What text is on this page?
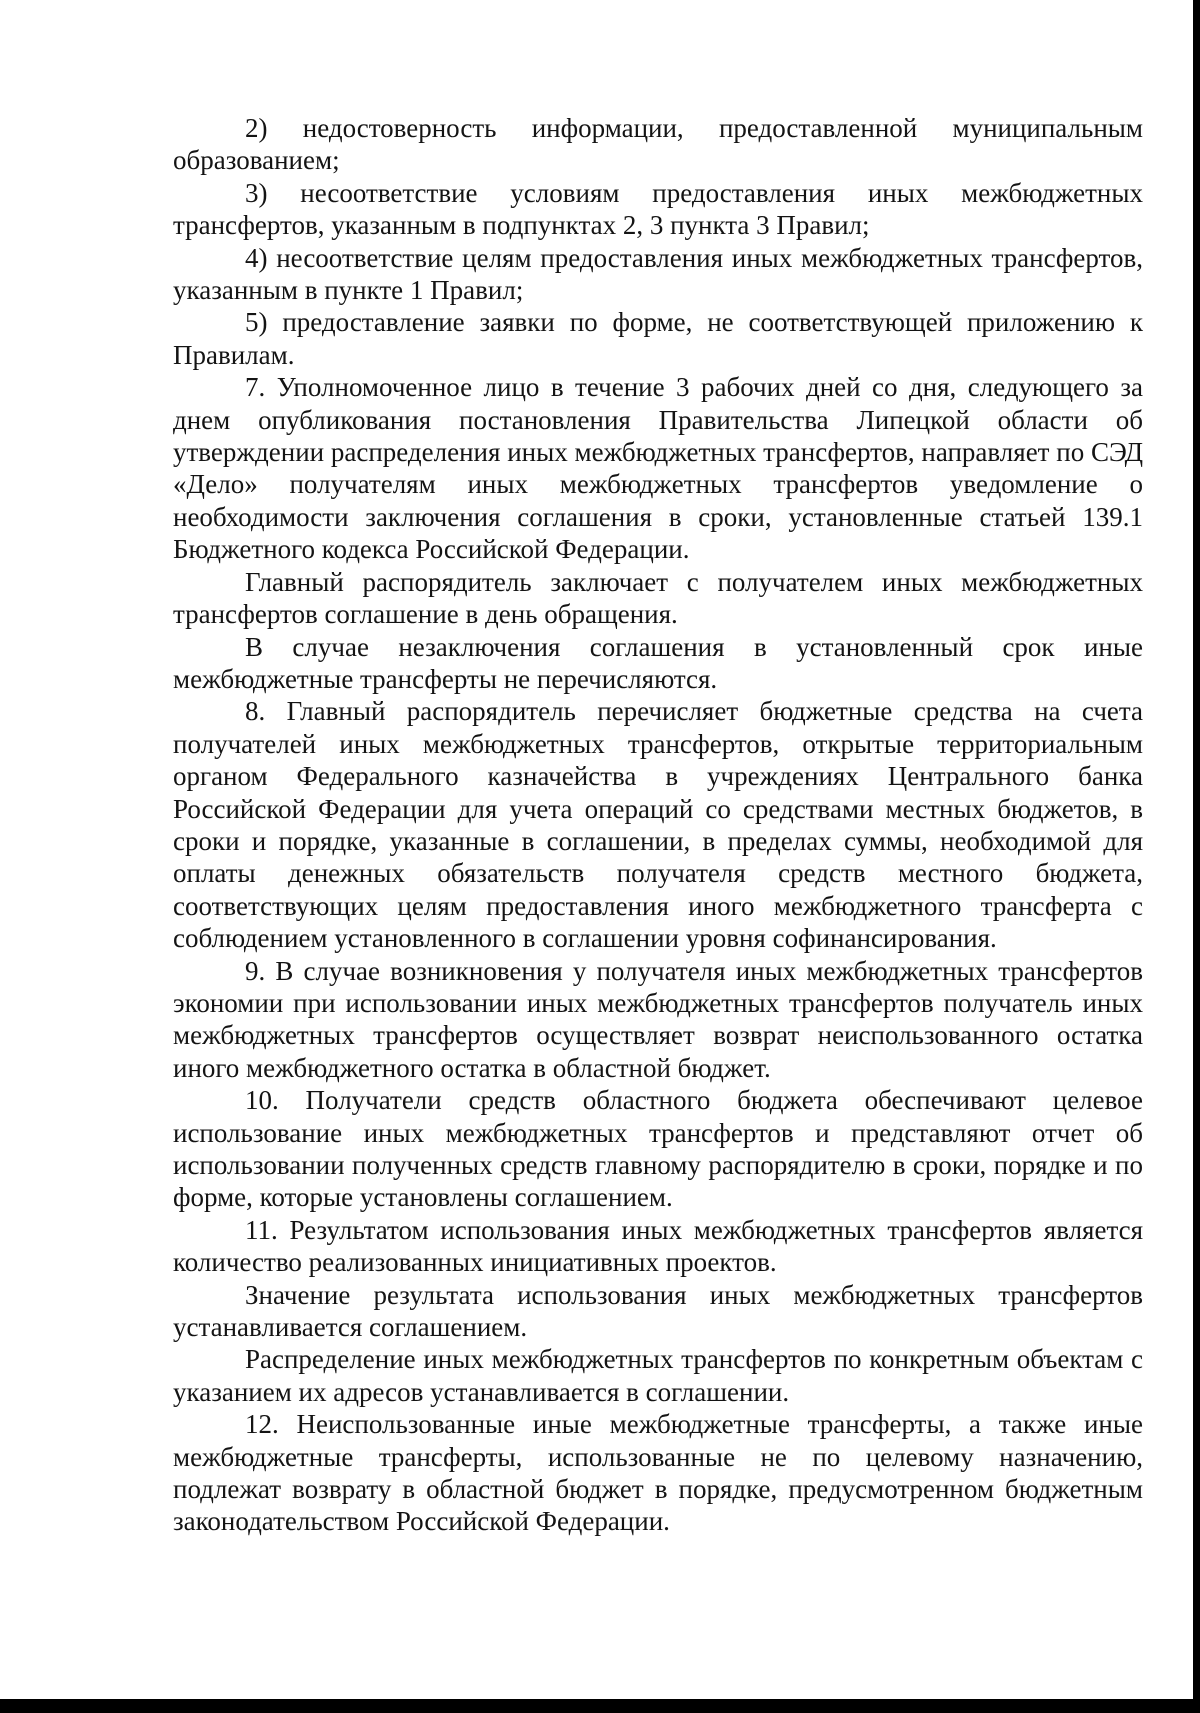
2) недостоверность информации, предоставленной муниципальным образованием;

3) несоответствие условиям предоставления иных межбюджетных трансфертов, указанным в подпунктах 2, 3 пункта 3 Правил;

4) несоответствие целям предоставления иных межбюджетных трансфертов, указанным в пункте 1 Правил;

5) предоставление заявки по форме, не соответствующей приложению к Правилам.

7. Уполномоченное лицо в течение 3 рабочих дней со дня, следующего за днем опубликования постановления Правительства Липецкой области об утверждении распределения иных межбюджетных трансфертов, направляет по СЭД «Дело» получателям иных межбюджетных трансфертов уведомление о необходимости заключения соглашения в сроки, установленные статьей 139.1 Бюджетного кодекса Российской Федерации.

Главный распорядитель заключает с получателем иных межбюджетных трансфертов соглашение в день обращения.

В случае незаключения соглашения в установленный срок иные межбюджетные трансферты не перечисляются.

8. Главный распорядитель перечисляет бюджетные средства на счета получателей иных межбюджетных трансфертов, открытые территориальным органом Федерального казначейства в учреждениях Центрального банка Российской Федерации для учета операций со средствами местных бюджетов, в сроки и порядке, указанные в соглашении, в пределах суммы, необходимой для оплаты денежных обязательств получателя средств местного бюджета, соответствующих целям предоставления иного межбюджетного трансферта с соблюдением установленного в соглашении уровня софинансирования.

9. В случае возникновения у получателя иных межбюджетных трансфертов экономии при использовании иных межбюджетных трансфертов получатель иных межбюджетных трансфертов осуществляет возврат неиспользованного остатка иного межбюджетного остатка в областной бюджет.

10. Получатели средств областного бюджета обеспечивают целевое использование иных межбюджетных трансфертов и представляют отчет об использовании полученных средств главному распорядителю в сроки, порядке и по форме, которые установлены соглашением.

11. Результатом использования иных межбюджетных трансфертов является количество реализованных инициативных проектов.

Значение результата использования иных межбюджетных трансфертов устанавливается соглашением.

Распределение иных межбюджетных трансфертов по конкретным объектам с указанием их адресов устанавливается в соглашении.

12. Неиспользованные иные межбюджетные трансферты, а также иные межбюджетные трансферты, использованные не по целевому назначению, подлежат возврату в областной бюджет в порядке, предусмотренном бюджетным законодательством Российской Федерации.
